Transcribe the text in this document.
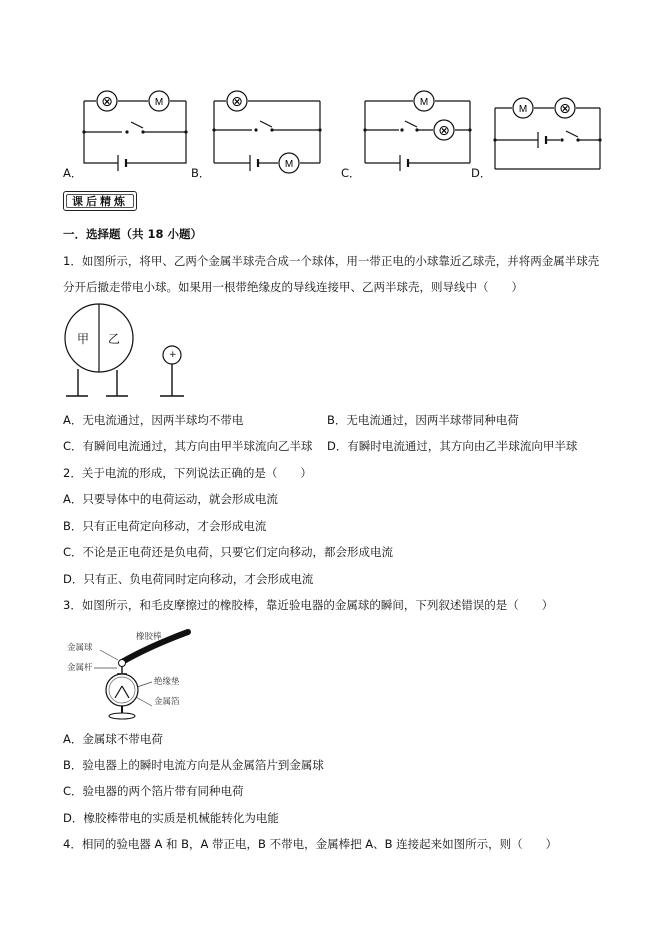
⊗	M	⊗
M
M
⊗
M ⊗
A．	B．	C．	D．
课后精炼
一．选择题（共 18 小题）
1．如图所示，将甲、乙两个金属半球壳合成一个球体，用一带正电的小球靠近乙球壳，并将两金属半球壳
分开后撤走带电小球。如果用一根带绝缘皮的导线连接甲、乙两半球壳，则导线中（　　）
甲 乙
+
A．无电流通过，因两半球均不带电	B．无电流通过，因两半球带同种电荷
C．有瞬间电流通过，其方向由甲半球流向乙半球 D．有瞬时电流通过，其方向由乙半球流向甲半球
2．关于电流的形成，下列说法正确的是（　　）
A．只要导体中的电荷运动，就会形成电流
B．只有正电荷定向移动，才会形成电流
C．不论是正电荷还是负电荷，只要它们定向移动，都会形成电流
D．只有正、负电荷同时定向移动，才会形成电流
3．如图所示，和毛皮摩擦过的橡胶棒，靠近验电器的金属球的瞬间，下列叙述错误的是（　　）
金属球
橡胶棒
金属杆
绝缘垫
金属箔
A．金属球不带电荷
B．验电器上的瞬时电流方向是从金属箔片到金属球
C．验电器的两个箔片带有同种电荷
D．橡胶棒带电的实质是机械能转化为电能
4．相同的验电器 A 和 B，A 带正电，B 不带电，金属棒把 A、B 连接起来如图所示，则（　　）
